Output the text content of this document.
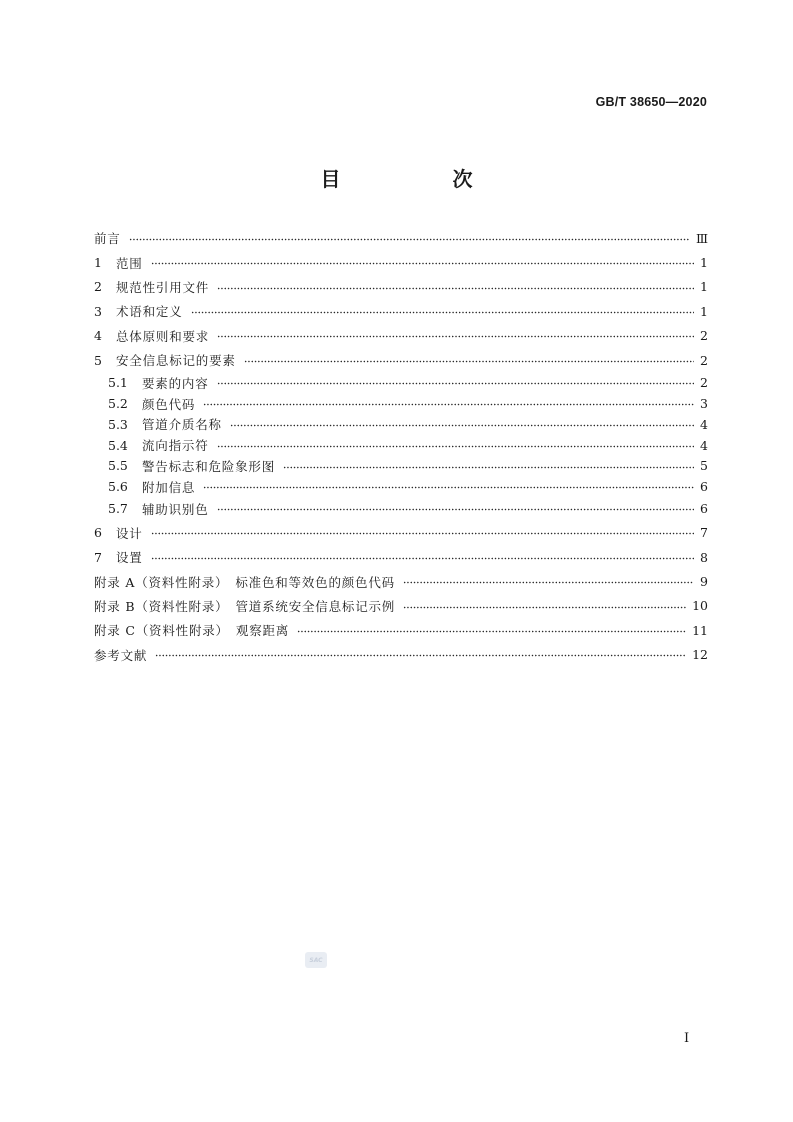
GB/T 38650—2020
目　次
前言	Ⅲ
1	范围	1
2	规范性引用文件	1
3	术语和定义	1
4	总体原则和要求	2
5	安全信息标记的要素	2
5.1	要素的内容	2
5.2	颜色代码	3
5.3	管道介质名称	4
5.4	流向指示符	4
5.5	警告标志和危险象形图	5
5.6	附加信息	6
5.7	辅助识别色	6
6	设计	7
7	设置	8
附录 A（资料性附录）　标准色和等效色的颜色代码	9
附录 B（资料性附录）　管道系统安全信息标记示例	10
附录 C（资料性附录）　观察距离	11
参考文献	12
SAC
I
